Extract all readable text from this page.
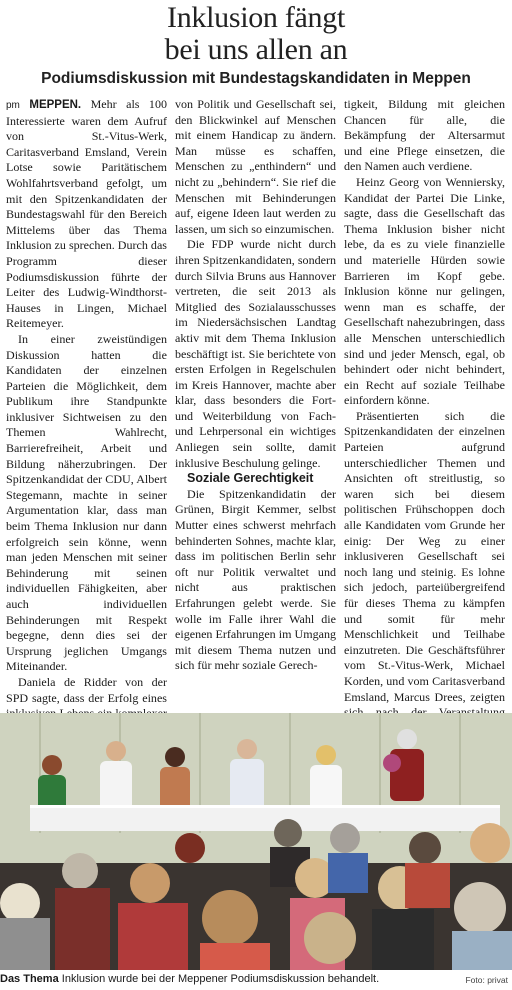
Inklusion fängt
bei uns allen an
Podiumsdiskussion mit Bundestagskandidaten in Meppen

pm MEPPEN. Mehr als 100 Interessierte waren dem Aufruf von St.-Vitus-Werk, Caritasverband Emsland, Verein Lotse sowie Paritätischem Wohlfahrtsverband gefolgt, um mit den Spitzenkandidaten der Bundestagswahl für den Bereich Mittelems über das Thema Inklusion zu sprechen. Durch das Programm dieser Podiumsdiskussion führte der Leiter des Ludwig-Windthorst-Hauses in Lingen, Michael Reitemeyer.

In einer zweistündigen Diskussion hatten die Kandidaten der einzelnen Parteien die Möglichkeit, dem Publikum ihre Standpunkte inklusiver Sichtweisen zu den Themen Wahlrecht, Barrierefreiheit, Arbeit und Bildung näherzubringen. Der Spitzenkandidat der CDU, Albert Stegemann, machte in seiner Argumentation klar, dass man beim Thema Inklusion nur dann erfolgreich sein könne, wenn man jeden Menschen mit seiner Behinderung mit seinen individuellen Fähigkeiten, aber auch individuellen Behinderungen mit Respekt begegne, denn dies sei der Ursprung jeglichen Umgangs Miteinander.

Daniela de Ridder von der SPD sagte, dass der Erfolg eines

von Politik und Gesellschaft sei, den Blickwinkel auf Menschen mit einem Handicap zu ändern. Man müsse es schaffen, Menschen zu „enthindern“ und nicht zu „behindern“. Sie rief die Menschen mit Behinderungen auf, eigene Ideen laut werden zu lassen, um sich so einzumischen.

Die FDP wurde nicht durch ihren Spitzenkandidaten, sondern durch Silvia Bruns aus Hannover vertreten, die seit 2013 als Mitglied des Sozialausschusses im Niedersächsischen Landtag aktiv mit dem Thema Inklusion beschäftigt ist. Sie berichtete von ersten Erfolgen in Regelschulen im Kreis Hannover, machte aber klar, dass besonders die Fort- und Weiterbildung von Fach- und Lehrpersonal ein wichtiges Anliegen sein sollte, damit inklusive Beschulung gelinge.

Soziale Gerechtigkeit

Die Spitzenkandidatin der Grünen, Birgit Kemmer, selbst Mutter eines schwerst mehrfach behinderten Sohnes, machte klar, dass im politischen Berlin sehr oft nur Politik verwaltet und nicht aus praktischen Erfahrungen gelebt werde. Sie wolle im Falle ihrer Wahl die eigenen Erfahrungen im Umgang mit diesem Thema nutzen und sich für mehr soziale Gerech-

tigkeit, Bildung mit gleichen Chancen für alle, die Bekämpfung der Altersarmut und eine Pflege einsetzen, die den Namen auch verdiene.

Heinz Georg von Wenniersky, Kandidat der Partei Die Linke, sagte, dass die Gesellschaft das Thema Inklusion bisher nicht lebe, da es zu viele finanzielle und materielle Hürden sowie Barrieren im Kopf gebe. Inklusion könne nur gelingen, wenn man es schaffe, der Gesellschaft nahezubringen, dass alle Menschen unterschiedlich sind und jeder Mensch, egal, ob behindert oder nicht behindert, ein Recht auf soziale Teilhabe einfordern könne.

Präsentierten sich die Spitzenkandidaten der einzelnen Parteien aufgrund unterschiedlicher Themen und Ansichten oft streitlustig, so waren sich bei diesem politischen Frühschoppen doch alle Kandidaten vom Grunde her einig: Der Weg zu einer inklusiveren Gesellschaft sei noch lang und steinig. Es lohne sich jedoch, parteiübergreifend für dieses Thema zu kämpfen und somit für mehr Menschlichkeit und Teilhabe einzutreten. Die Geschäftsführer vom St.-Vitus-Werk, Michael Korden, und vom Caritasverband Emsland, Marcus Drees, zeigten

Das Thema Inklusion wurde bei der Meppener Podiumsdiskussion behandelt.	Foto: privat
